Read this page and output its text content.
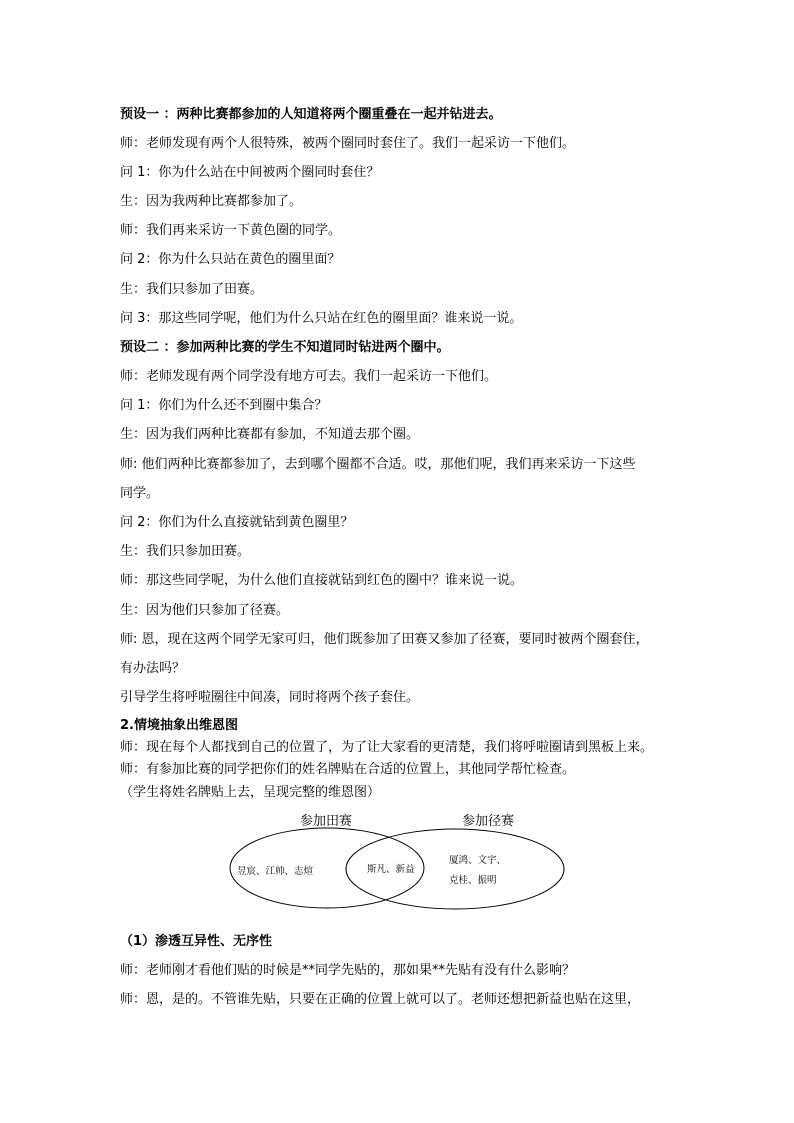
预设一 ：两种比赛都参加的人知道将两个圈重叠在一起并钻进去。
师：老师发现有两个人很特殊，被两个圈同时套住了。我们一起采访一下他们。
问 1：你为什么站在中间被两个圈同时套住？
生：因为我两种比赛都参加了。
师：我们再来采访一下黄色圈的同学。
问 2：你为什么只站在黄色的圈里面？
生：我们只参加了田赛。
问 3：那这些同学呢，他们为什么只站在红色的圈里面？谁来说一说。
预设二 ：参加两种比赛的学生不知道同时钻进两个圈中。
师：老师发现有两个同学没有地方可去。我们一起采访一下他们。
问 1：你们为什么还不到圈中集合？
生：因为我们两种比赛都有参加，不知道去那个圈。
师: 他们两种比赛都参加了，去到哪个圈都不合适。哎，那他们呢，我们再来采访一下这些
同学。
问 2：你们为什么直接就钻到黄色圈里？
生：我们只参加田赛。
师：那这些同学呢，为什么他们直接就钻到红色的圈中？谁来说一说。
生：因为他们只参加了径赛。
师: 恩，现在这两个同学无家可归，他们既参加了田赛又参加了径赛，要同时被两个圈套住，
有办法吗？
引导学生将呼啦圈往中间凑，同时将两个孩子套住。
2.情境抽象出维恩图
师：现在每个人都找到自己的位置了，为了让大家看的更清楚，我们将呼啦圈请到黑板上来。
师：有参加比赛的同学把你们的姓名牌贴在合适的位置上，其他同学帮忙检查。
（学生将姓名牌贴上去，呈现完整的维恩图）
参加田赛	参加径赛
昱宸、江帅、志煊	斯凡、新益
厦鸿、文宇、
克桂、振明
（1）渗透互异性、无序性
师：老师刚才看他们贴的时候是**同学先贴的，那如果**先贴有没有什么影响？
师：恩，是的。不管谁先贴，只要在正确的位置上就可以了。老师还想把新益也贴在这里，
